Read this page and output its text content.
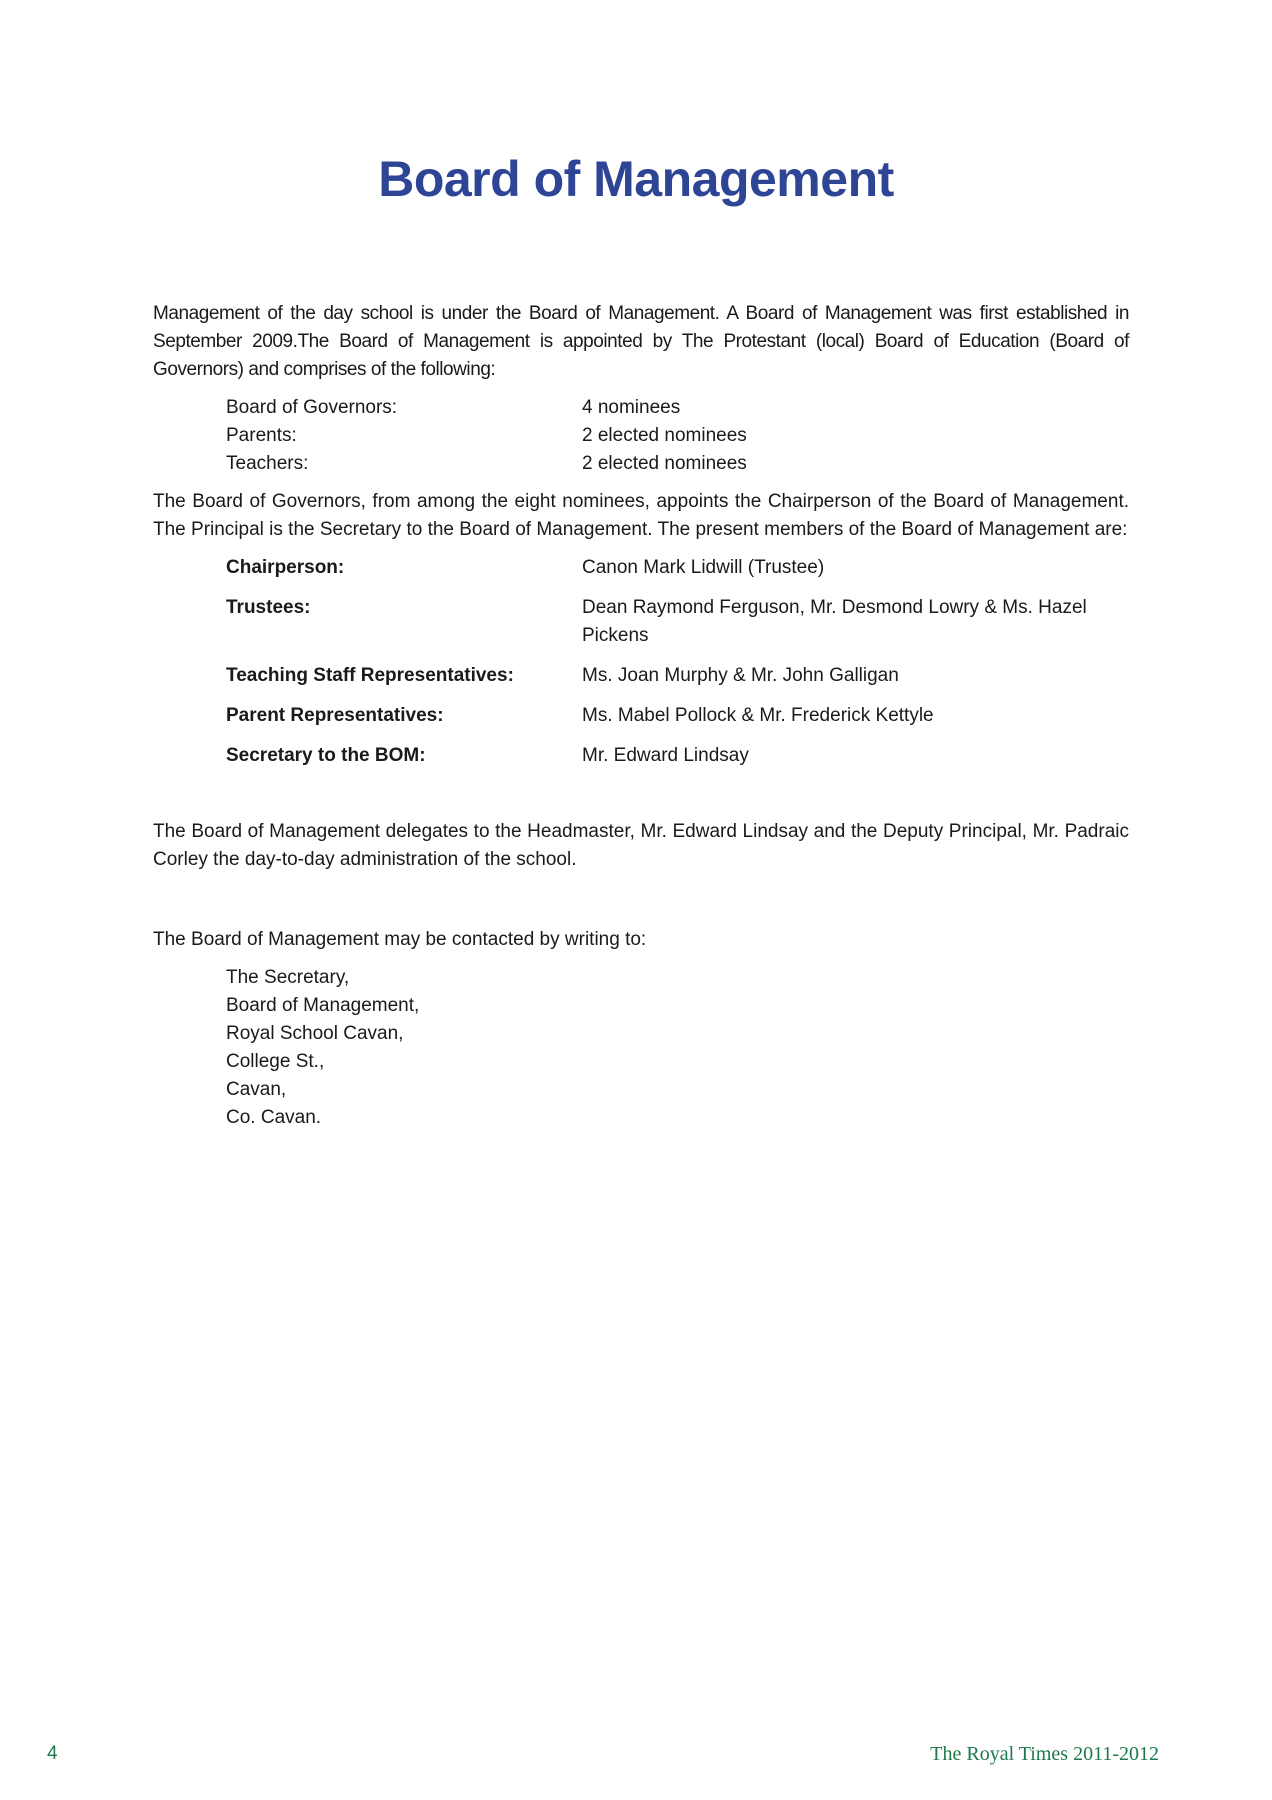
Board of Management

Management of the day school is under the Board of Management. A Board of Management was first established in September 2009.The Board of Management is appointed by The Protestant (local) Board of Education (Board of Governors) and comprises of the following:

Board of Governors:	4 nominees
Parents:	2 elected nominees
Teachers:	2 elected nominees

The Board of Governors, from among the eight nominees, appoints the Chairperson of the Board of Management. The Principal is the Secretary to the Board of Management. The present members of the Board of Management are:

Chairperson:	Canon Mark Lidwill (Trustee)
Trustees:	Dean Raymond Ferguson, Mr. Desmond Lowry & Ms. Hazel Pickens
Teaching Staff Representatives:	Ms. Joan Murphy & Mr. John Galligan
Parent Representatives:	Ms. Mabel Pollock & Mr. Frederick Kettyle
Secretary to the BOM:	Mr. Edward Lindsay

The Board of Management delegates to the Headmaster, Mr. Edward Lindsay and the Deputy Principal, Mr. Padraic Corley the day-to-day administration of the school.

The Board of Management may be contacted by writing to:

The Secretary,
Board of Management,
Royal School Cavan,
College St.,
Cavan,
Co. Cavan.
4	The Royal Times 2011-2012
